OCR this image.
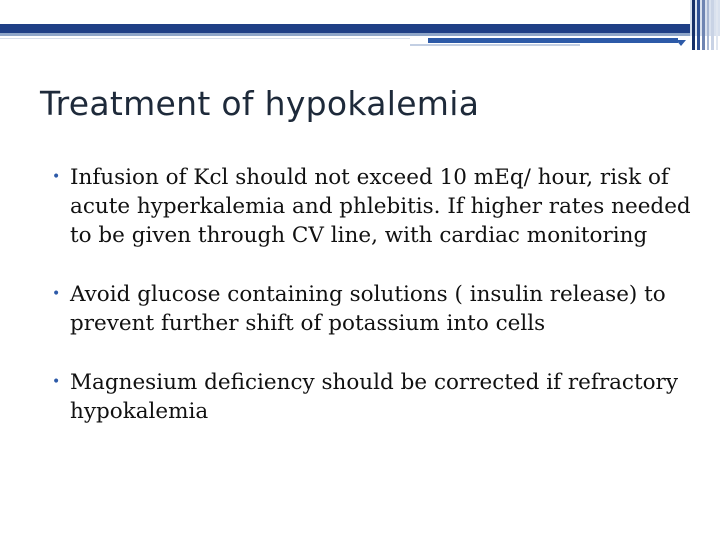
Treatment of hypokalemia
• Infusion of Kcl should not exceed 10 mEq/ hour, risk of acute hyperkalemia and phlebitis. If higher rates needed to be given through CV line, with cardiac monitoring
• Avoid glucose containing solutions ( insulin release) to prevent further shift of potassium into cells
• Magnesium deficiency should be corrected if refractory hypokalemia
